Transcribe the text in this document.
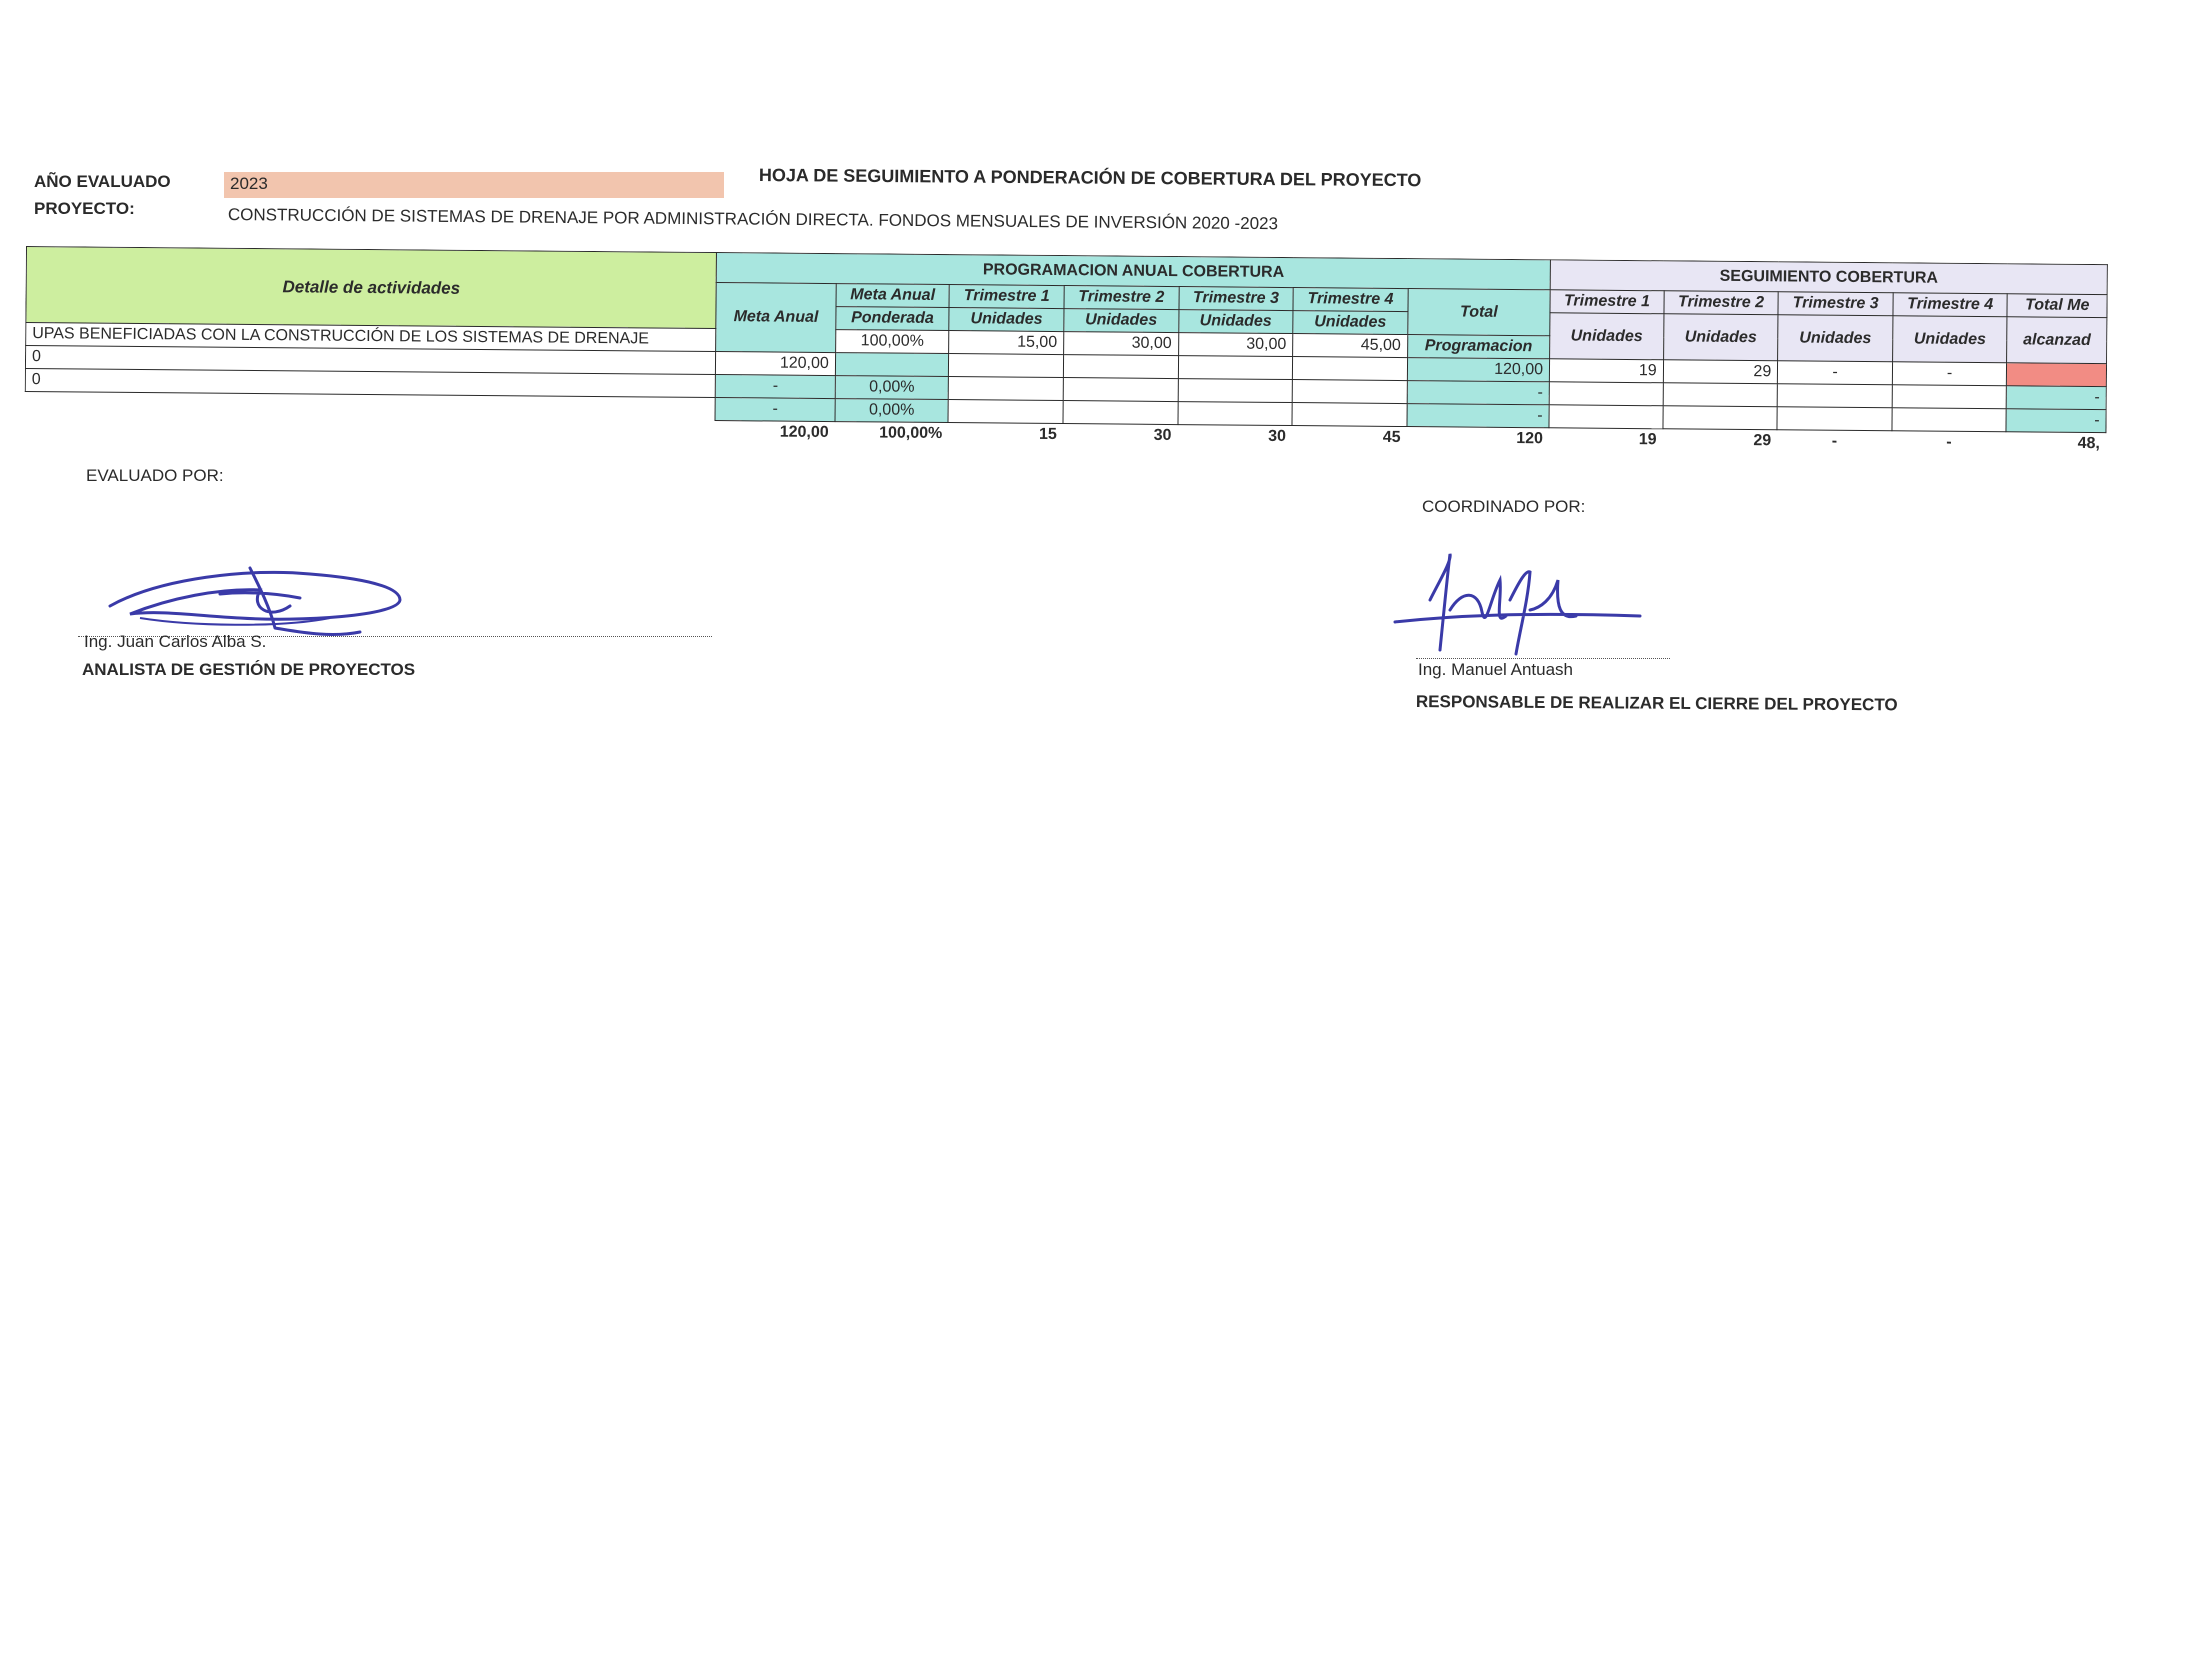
AÑO EVALUADO	2023
PROYECTO:	CONSTRUCCIÓN DE SISTEMAS DE DRENAJE POR ADMINISTRACIÓN DIRECTA. FONDOS MENSUALES DE INVERSIÓN 2020 -2023
HOJA DE SEGUIMIENTO A PONDERACIÓN DE COBERTURA DEL PROYECTO
Detalle de actividades	PROGRAMACION ANUAL COBERTURA							SEGUIMIENTO COBERTURA				
	Meta Anual	Meta Anual	Trimestre 1	Trimestre 2	Trimestre 3	Trimestre 4	Total	Trimestre 1	Trimestre 2	Trimestre 3	Trimestre 4	Total Me
		Ponderada	Unidades	Unidades	Unidades	Unidades		Unidades	Unidades	Unidades	Unidades	alcanzad
UPAS BENEFICIADAS CON LA CONSTRUCCIÓN DE LOS SISTEMAS DE DRENAJE		100,00%	15,00	30,00	30,00	45,00	Programacion					
0	120,00						120,00	19	29	-	-	
0	-	0,00%					-					-
	-	0,00%					-					-
	120,00	100,00%	15	30	30	45	120	19	29	-	-	48,
EVALUADO POR:
Ing. Juan Carlos Alba S.
ANALISTA DE GESTIÓN DE PROYECTOS
COORDINADO POR:
Ing. Manuel Antuash
RESPONSABLE DE REALIZAR EL CIERRE DEL PROYECTO
